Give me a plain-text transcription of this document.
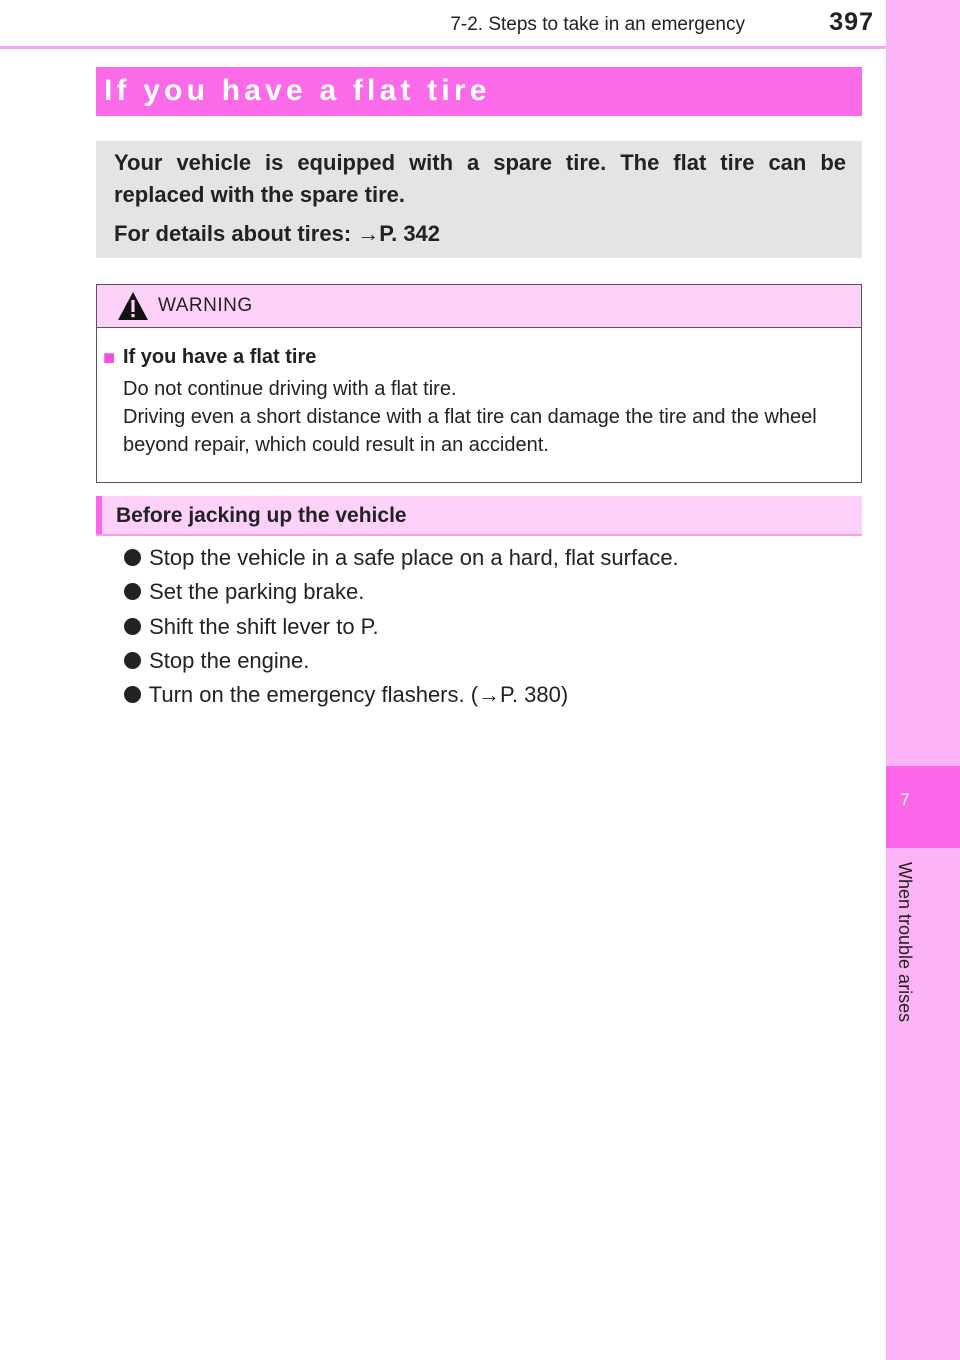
7-2. Steps to take in an emergency	397
7
When trouble arises
If you have a flat tire

Your vehicle is equipped with a spare tire. The flat tire can be replaced with the spare tire.

For details about tires: →P. 342

WARNING
■ If you have a flat tire

Do not continue driving with a flat tire.
Driving even a short distance with a flat tire can damage the tire and the wheel beyond repair, which could result in an accident.

Before jacking up the vehicle
Stop the vehicle in a safe place on a hard, flat surface.
Set the parking brake.
Shift the shift lever to P.
Stop the engine.
Turn on the emergency flashers. (→P. 380)
